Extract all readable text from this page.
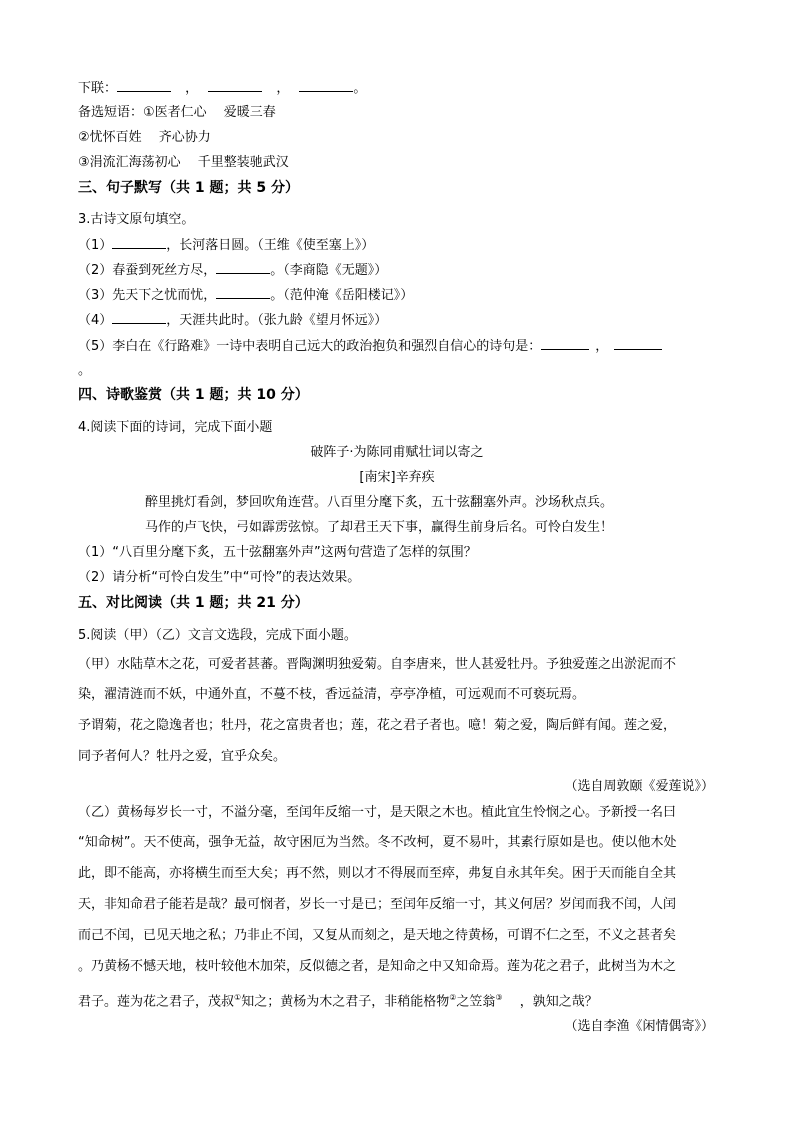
下联：	，	，	。
备选短语：①医者仁心　 爱暖三春
②忧怀百姓　 齐心协力
③涓流汇海荡初心　 千里整装驰武汉
三、句子默写（共 1 题；共 5 分）
3.古诗文原句填空。
（1）	，长河落日圆。（王维《使至塞上》）
（2）春蚕到死丝方尽，	。（李商隐《无题》）
（3）先天下之忧而忧，	。（范仲淹《岳阳楼记》）
（4）	，天涯共此时。（张九龄《望月怀远》）
（5）李白在《行路难》一诗中表明自己远大的政治抱负和强烈自信心的诗句是：	，
。
四、诗歌鉴赏（共 1 题；共 10 分）
4.阅读下面的诗词，完成下面小题
破阵子·为陈同甫赋壮词以寄之
[南宋]辛弃疾
醉里挑灯看剑，梦回吹角连营。八百里分麾下炙，五十弦翻塞外声。沙场秋点兵。
马作的卢飞快，弓如霹雳弦惊。了却君王天下事，赢得生前身后名。可怜白发生！
（1）“八百里分麾下炙，五十弦翻塞外声”这两句营造了怎样的氛围？
（2）请分析“可怜白发生”中“可怜”的表达效果。
五、对比阅读（共 1 题；共 21 分）
5.阅读（甲）（乙）文言文选段，完成下面小题。
（甲）水陆草木之花，可爱者甚蕃。晋陶渊明独爱菊。自李唐来，世人甚爱牡丹。予独爱莲之出淤泥而不
染，濯清涟而不妖，中通外直，不蔓不枝，香远益清，亭亭净植，可远观而不可亵玩焉。
予谓菊，花之隐逸者也；牡丹，花之富贵者也；莲，花之君子者也。噫！菊之爱，陶后鲜有闻。莲之爱，
同予者何人？牡丹之爱，宜乎众矣。
（选自周敦颐《爱莲说》）
（乙）黄杨每岁长一寸，不溢分毫，至闰年反缩一寸，是天限之木也。植此宜生怜悯之心。予新授一名曰
“知命树”。天不使高，强争无益，故守困厄为当然。冬不改柯，夏不易叶，其素行原如是也。使以他木处
此，即不能高，亦将横生而至大矣；再不然，则以才不得展而至瘁，弗复自永其年矣。困于天而能自全其
天，非知命君子能若是哉？最可悯者，岁长一寸是已；至闰年反缩一寸，其义何居？岁闰而我不闰，人闰
而己不闰，已见天地之私；乃非止不闰，又复从而刻之，是天地之待黄杨，可谓不仁之至，不义之甚者矣
。乃黄杨不憾天地，枝叶较他木加荣，反似德之者，是知命之中又知命焉。莲为花之君子，此树当为木之
君子。莲为花之君子，茂叔①知之；黄杨为木之君子，非稍能格物②之笠翁③　 ，孰知之哉？
（选自李渔《闲情偶寄》）
